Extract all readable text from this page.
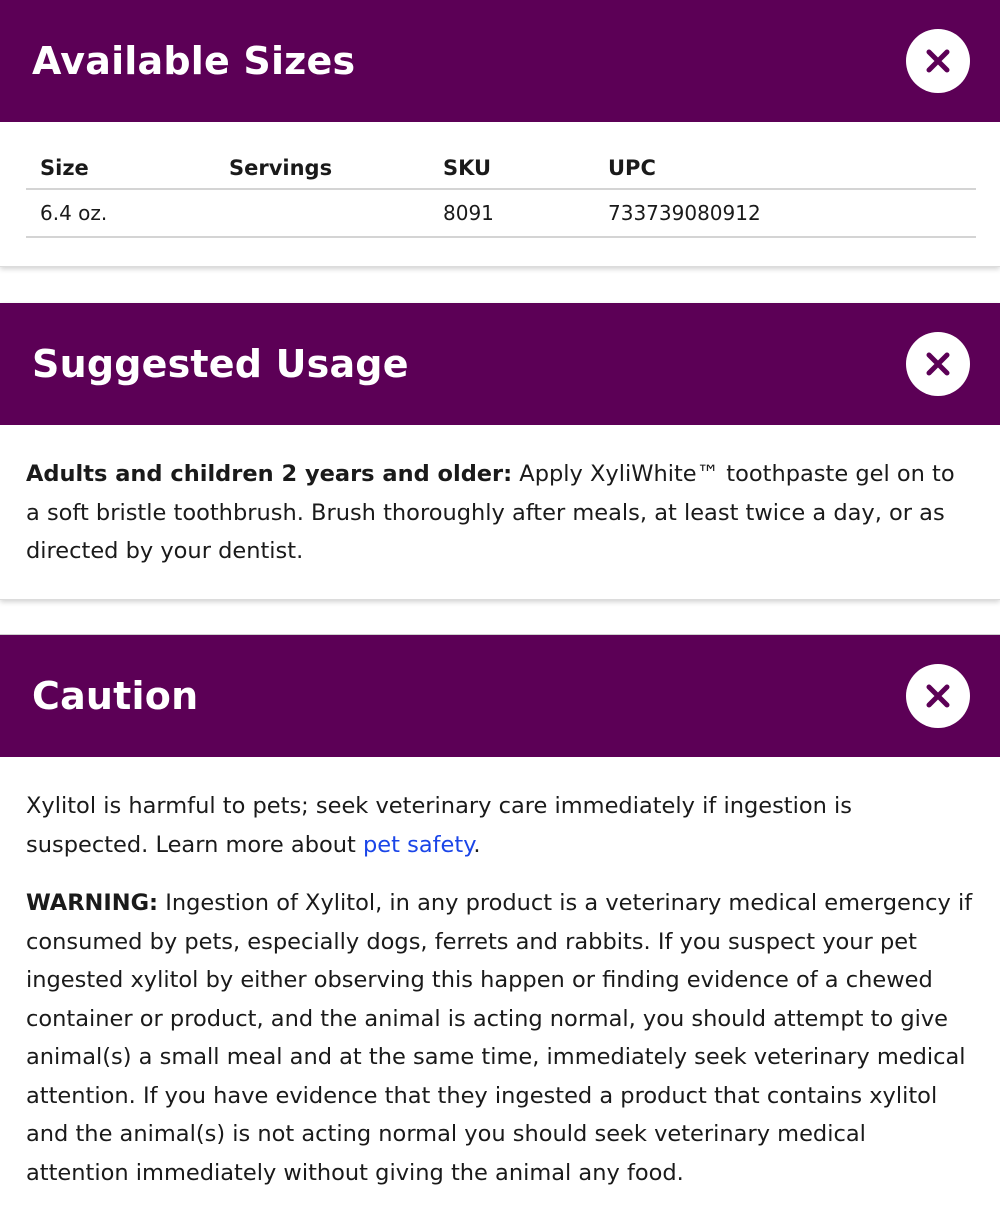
Available Sizes
Size	Servings	SKU	UPC
6.4 oz.		8091	733739080912
Suggested Usage

Adults and children 2 years and older: Apply XyliWhite™ toothpaste gel on to a soft bristle toothbrush. Brush thoroughly after meals, at least twice a day, or as directed by your dentist.

Caution

Xylitol is harmful to pets; seek veterinary care immediately if ingestion is suspected. Learn more about pet safety.

WARNING: Ingestion of Xylitol, in any product is a veterinary medical emergency if consumed by pets, especially dogs, ferrets and rabbits. If you suspect your pet ingested xylitol by either observing this happen or finding evidence of a chewed container or product, and the animal is acting normal, you should attempt to give animal(s) a small meal and at the same time, immediately seek veterinary medical attention. If you have evidence that they ingested a product that contains xylitol and the animal(s) is not acting normal you should seek veterinary medical attention immediately without giving the animal any food.
